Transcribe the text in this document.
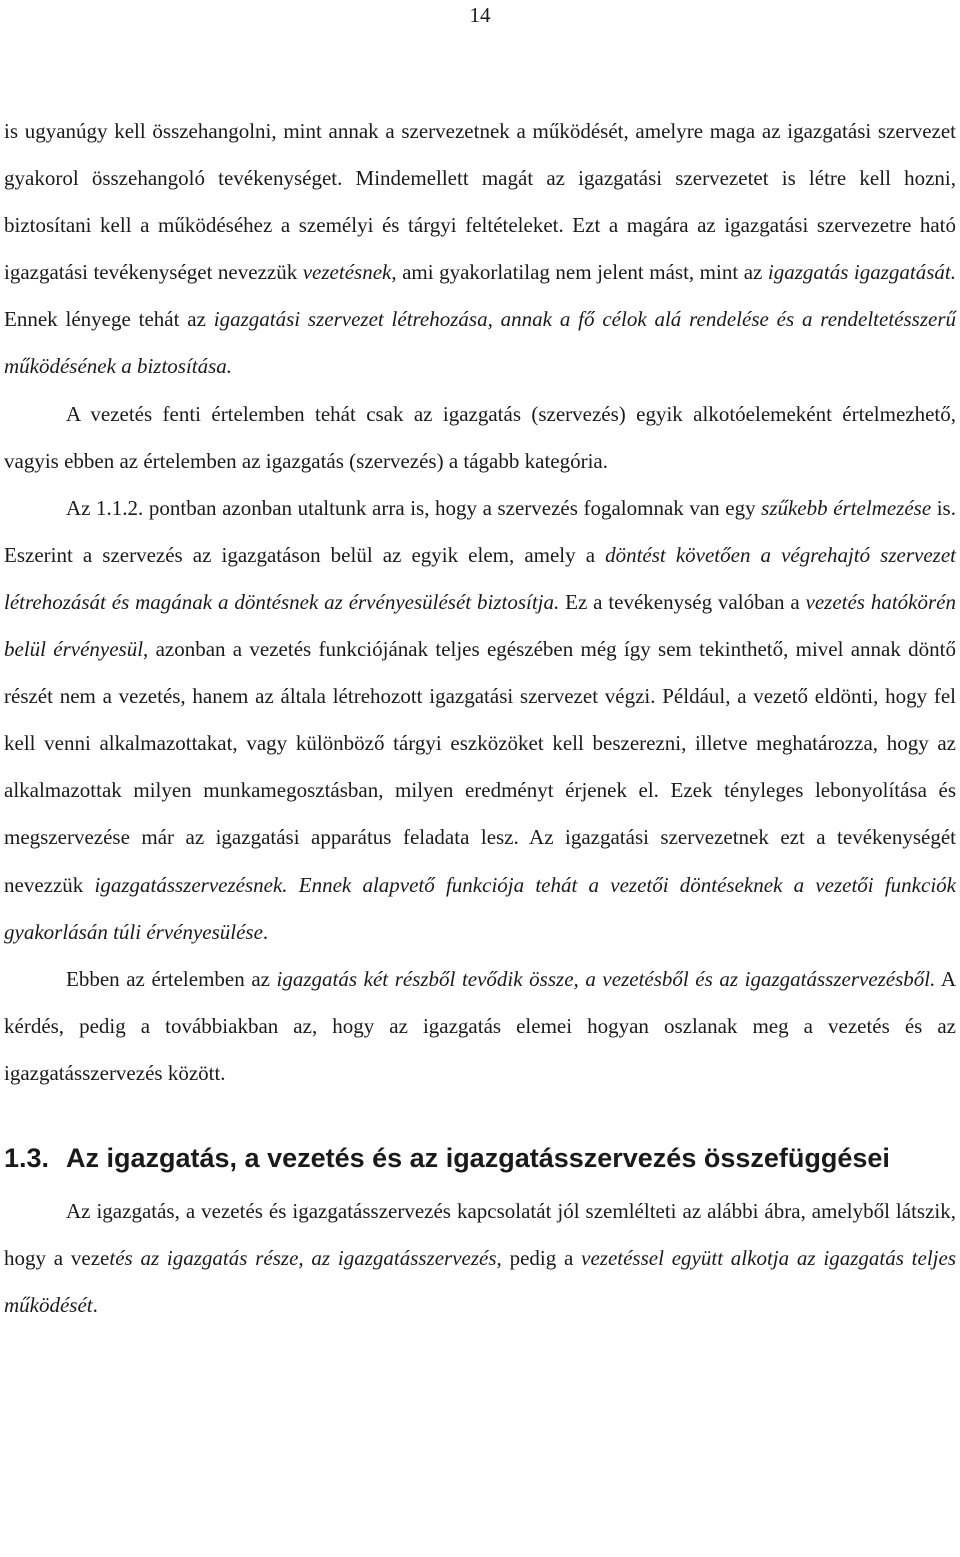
14

is ugyanúgy kell összehangolni, mint annak a szervezetnek a működését, amelyre maga az igazgatási szervezet gyakorol összehangoló tevékenységet. Mindemellett magát az igazgatási szervezetet is létre kell hozni, biztosítani kell a működéséhez a személyi és tárgyi feltételeket. Ezt a magára az igazgatási szervezetre ható igazgatási tevékenységet nevezzük vezetésnek, ami gyakorlatilag nem jelent mást, mint az igazgatás igazgatását. Ennek lényege tehát az igazgatási szervezet létrehozása, annak a fő célok alá rendelése és a rendeltetésszerű működésének a biztosítása.

A vezetés fenti értelemben tehát csak az igazgatás (szervezés) egyik alkotóelemeként értelmezhető, vagyis ebben az értelemben az igazgatás (szervezés) a tágabb kategória.

Az 1.1.2. pontban azonban utaltunk arra is, hogy a szervezés fogalomnak van egy szűkebb értelmezése is. Eszerint a szervezés az igazgatáson belül az egyik elem, amely a döntést követően a végrehajtó szervezet létrehozását és magának a döntésnek az érvényesülését biztosítja. Ez a tevékenység valóban a vezetés hatókörén belül érvényesül, azonban a vezetés funkciójának teljes egészében még így sem tekinthető, mivel annak döntő részét nem a vezetés, hanem az általa létrehozott igazgatási szervezet végzi. Például, a vezető eldönti, hogy fel kell venni alkalmazottakat, vagy különböző tárgyi eszközöket kell beszerezni, illetve meghatározza, hogy az alkalmazottak milyen munkamegosztásban, milyen eredményt érjenek el. Ezek tényleges lebonyolítása és megszervezése már az igazgatási apparátus feladata lesz. Az igazgatási szervezetnek ezt a tevékenységét nevezzük igazgatásszervezésnek. Ennek alapvető funkciója tehát a vezetői döntéseknek a vezetői funkciók gyakorlásán túli érvényesülése.

Ebben az értelemben az igazgatás két részből tevődik össze, a vezetésből és az igazgatásszervezésből. A kérdés, pedig a továbbiakban az, hogy az igazgatás elemei hogyan oszlanak meg a vezetés és az igazgatásszervezés között.

1.3. Az igazgatás, a vezetés és az igazgatásszervezés összefüggései

Az igazgatás, a vezetés és igazgatásszervezés kapcsolatát jól szemlélteti az alábbi ábra, amelyből látszik, hogy a vezetés az igazgatás része, az igazgatásszervezés, pedig a vezetéssel együtt alkotja az igazgatás teljes működését.
